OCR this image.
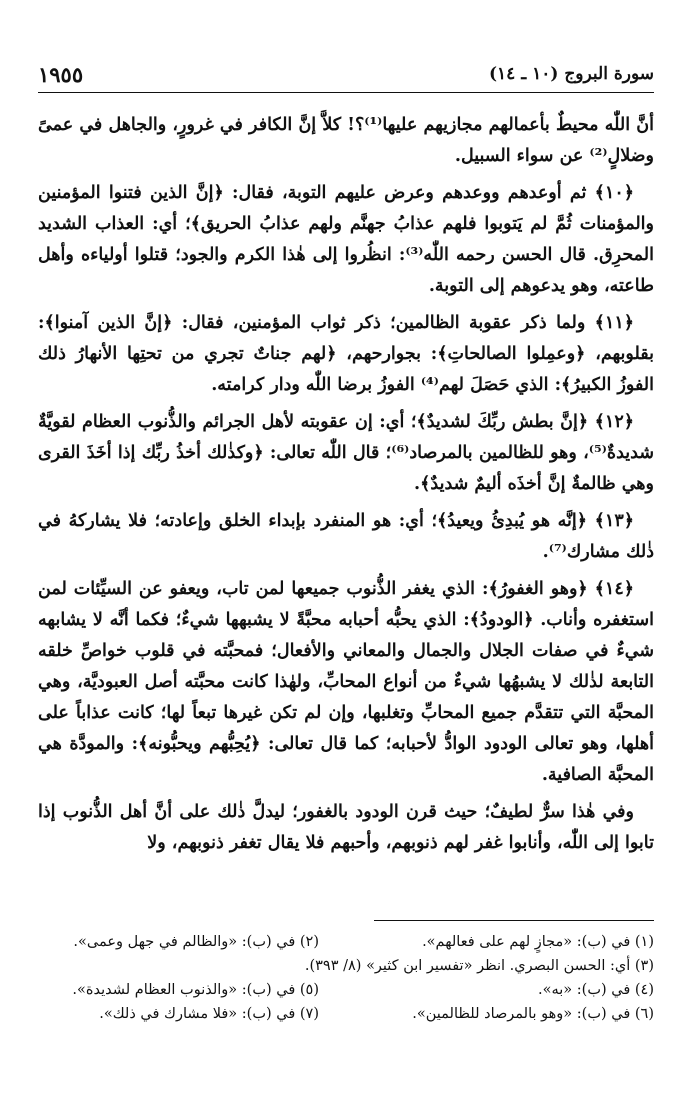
١٩٥٥	سورة البروج (١٠ ـ ١٤)

أنَّ اللّٰه محيطٌ بأعمالهم مجازيهم عليها⁽¹⁾؟! كلاَّ إنَّ الكافر في غرورٍ، والجاهل في عمىً وضلالٍ⁽²⁾ عن سواء السبيل.

﴿١٠﴾ ثم أوعدهم ووعدهم وعرض عليهم التوبة، فقال: ﴿إنَّ الذين فتنوا المؤمنين والمؤمنات ثُمَّ لم يَتوبوا فلهم عذابُ جهنَّم ولهم عذابُ الحريق﴾؛ أي: العذاب الشديد المحرِق. قال الحسن رحمه اللّٰه⁽³⁾: انظُروا إلى هٰذا الكرم والجود؛ قتلوا أولياءه وأهل طاعته، وهو يدعوهم إلى التوبة.

﴿١١﴾ ولما ذكر عقوبة الظالمين؛ ذكر ثواب المؤمنين، فقال: ﴿إنَّ الذين آمنوا﴾: بقلوبهم، ﴿وعمِلوا الصالحاتِ﴾: بجوارحهم، ﴿لهم جناتٌ تجري من تحتِها الأنهارُ ذلك الفوزُ الكبيرُ﴾: الذي حَصَلَ لهم⁽⁴⁾ الفوزُ برضا اللّٰه ودار كرامته.

﴿١٢﴾ ﴿إنَّ بطش ربِّكَ لشديدٌ﴾؛ أي: إن عقوبته لأهل الجرائم والذُّنوب العظام لقويَّةٌ شديدةٌ⁽⁵⁾، وهو للظالمين بالمرصاد⁽⁶⁾؛ قال اللّٰه تعالى: ﴿وكذٰلك أخذُ ربِّك إذا أخَذَ القرى وهي ظالمةٌ إنَّ أخذَه أليمٌ شديدٌ﴾.

﴿١٣﴾ ﴿إنَّه هو يُبدِئُ ويعيدُ﴾؛ أي: هو المنفرد بإبداء الخلق وإعادته؛ فلا يشاركهُ في ذٰلك مشارك⁽⁷⁾.

﴿١٤﴾ ﴿وهو الغفورُ﴾: الذي يغفر الذُّنوب جميعها لمن تاب، ويعفو عن السيِّئات لمن استغفره وأناب. ﴿الودودُ﴾: الذي يحبُّه أحبابه محبَّةً لا يشبهها شيءٌ؛ فكما أنَّه لا يشابهه شيءٌ في صفات الجلال والجمال والمعاني والأفعال؛ فمحبَّته في قلوب خواصِّ خلقه التابعة لذٰلك لا يشبهُها شيءٌ من أنواع المحابِّ، ولهٰذا كانت محبَّته أصل العبوديَّة، وهي المحبَّة التي تتقدَّم جميع المحابِّ وتغلبها، وإن لم تكن غيرها تبعاً لها؛ كانت عذاباً على أهلها، وهو تعالى الودود الوادُّ لأحبابه؛ كما قال تعالى: ﴿يُحِبُّهم ويحبُّونه﴾: والمودَّة هي المحبَّة الصافية.

وفي هٰذا سرٌّ لطيفٌ؛ حيث قرن الودود بالغفور؛ ليدلَّ ذٰلك على أنَّ أهل الذُّنوب إذا تابوا إلى اللّٰه، وأنابوا غفر لهم ذنوبهم، وأحبهم فلا يقال تغفر ذنوبهم، ولا

(١) في (ب): «مجازٍ لهم على فعالهم».
(٢) في (ب): «والظالم في جهل وعمى».
(٣) أي: الحسن البصري. انظر «تفسير ابن كثير» (٨/ ٣٩٣).
(٤) في (ب): «به».
(٥) في (ب): «والذنوب العظام لشديدة».
(٦) في (ب): «وهو بالمرصاد للظالمين».
(٧) في (ب): «فلا مشارك في ذلك».
